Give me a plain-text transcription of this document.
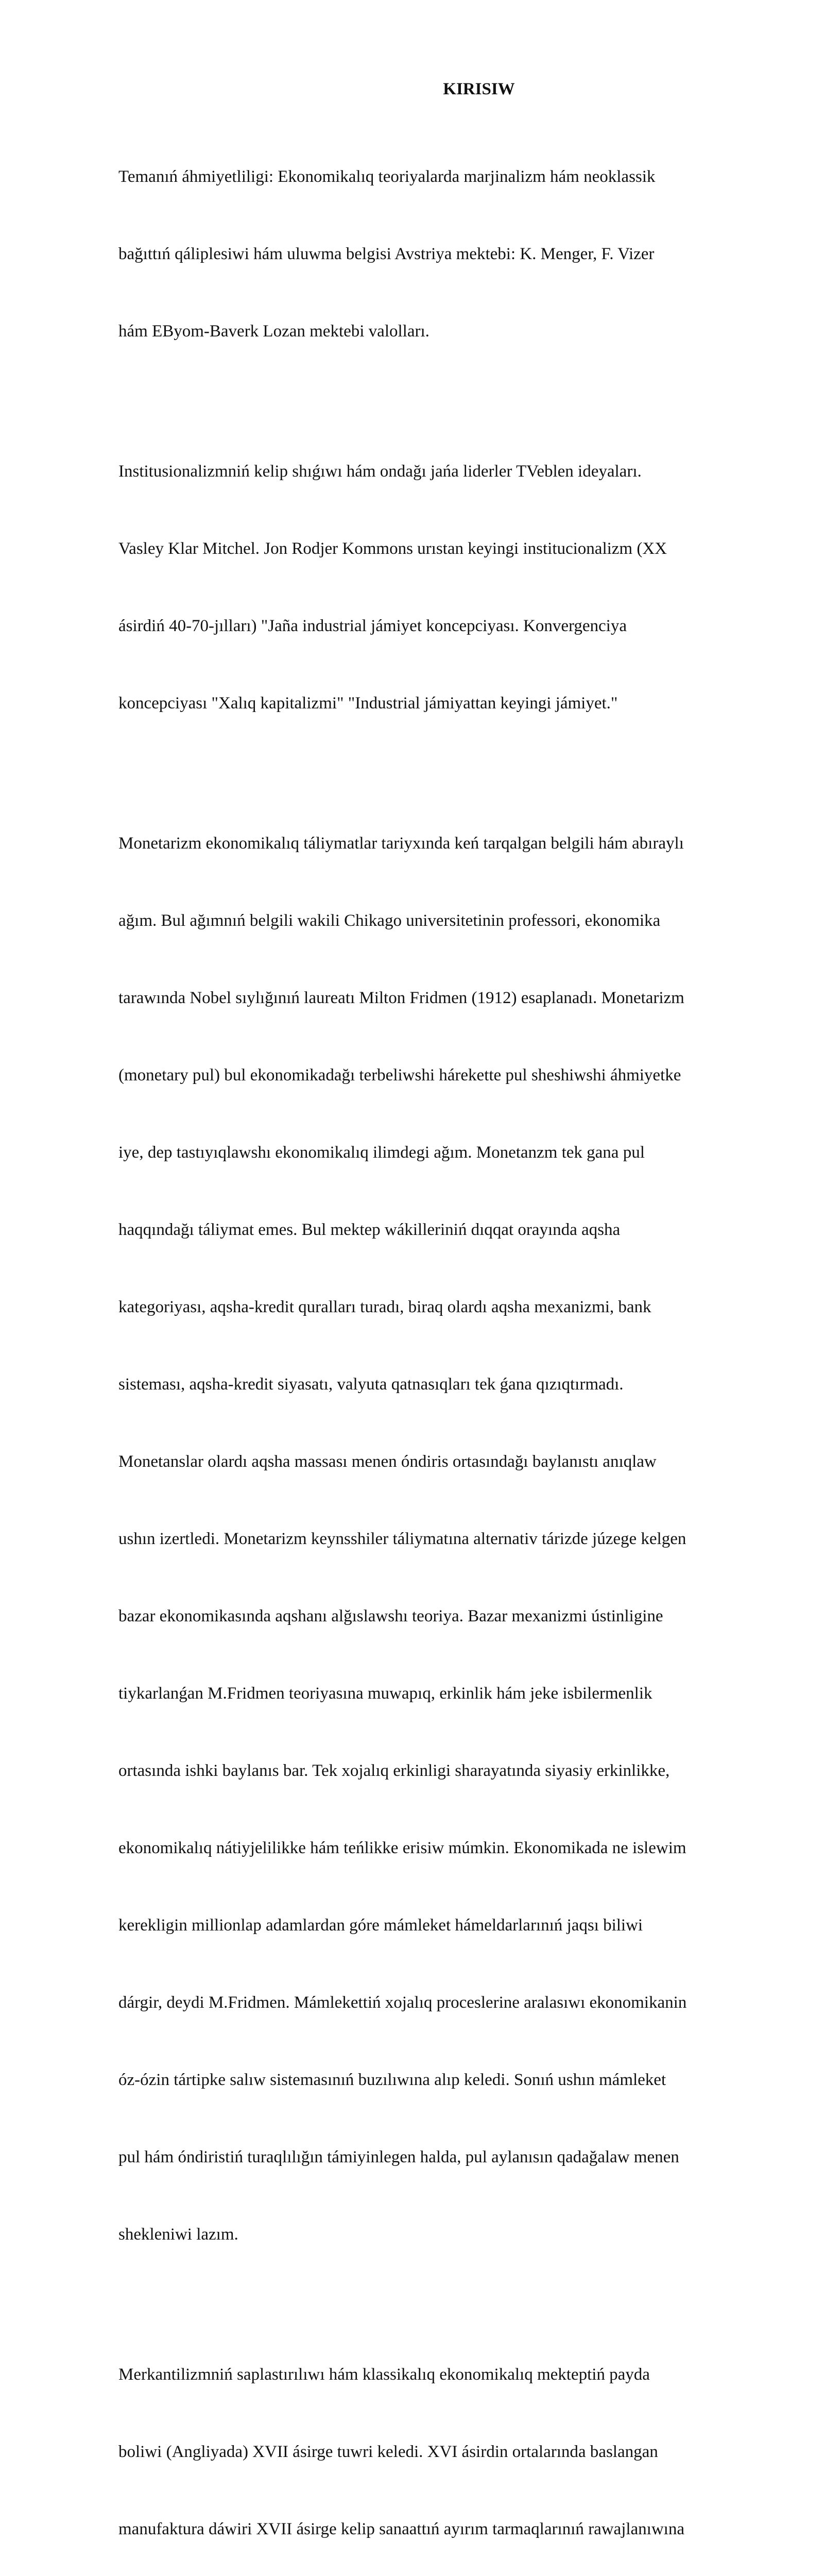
KIRISIW

Temanıń áhmiyetliligi: Ekonomikalıq teoriyalarda marjinalizm hám neoklassik

bağıttıń qáliplesiwi hám uluwma belgisi Avstriya mektebi: K. Menger, F. Vizer

hám EByom-Baverk Lozan mektebi valolları.

Institusionalizmniń kelip shıǵıwı hám ondağı jańa liderler TVeblen ideyaları.

Vasley Klar Mitchel. Jon Rodjer Kommons urıstan keyingi institucionalizm (XX

ásirdiń 40-70-jılları) "Jaña industrial jámiyet koncepciyası. Konvergenciya

koncepciyası "Xalıq kapitalizmi" "Industrial jámiyattan keyingi jámiyet."

Monetarizm ekonomikalıq táliymatlar tariyxında keń tarqalgan belgili hám abıraylı

ağım. Bul ağımnıń belgili wakili Chikago universitetinin professori, ekonomika

tarawında Nobel sıylığınıń laureatı Milton Fridmen (1912) esaplanadı. Monetarizm

(monetary pul) bul ekonomikadağı terbeliwshi hárekette pul sheshiwshi áhmiyetke

iye, dep tastıyıqlawshı ekonomikalıq ilimdegi ağım. Monetanzm tek gana pul

haqqındağı táliymat emes. Bul mektep wákilleriniń dıqqat orayında aqsha

kategoriyası, aqsha-kredit quralları turadı, biraq olardı aqsha mexanizmi, bank

sisteması, aqsha-kredit siyasatı, valyuta qatnasıqları tek ǵana qızıqtırmadı.

Monetanslar olardı aqsha massası menen óndiris ortasındağı baylanıstı anıqlaw

ushın izertledi. Monetarizm keynsshiler táliymatına alternativ tárizde júzege kelgen

bazar ekonomikasında aqshanı alğıslawshı teoriya. Bazar mexanizmi ústinligine

tiykarlanǵan M.Fridmen teoriyasına muwapıq, erkinlik hám jeke isbilermenlik

ortasında ishki baylanıs bar. Tek xojalıq erkinligi sharayatında siyasiy erkinlikke,

ekonomikalıq nátiyjelilikke hám teńlikke erisiw múmkin. Ekonomikada ne islewim

kerekligin millionlap adamlardan góre mámleket hámeldarlarınıń jaqsı biliwi

dárgir, deydi M.Fridmen. Mámlekettiń xojalıq proceslerine aralasıwı ekonomikanin

óz-ózin tártipke salıw sistemasınıń buzılıwına alıp keledi. Sonıń ushın mámleket

pul hám óndiristiń turaqlılığın támiyinlegen halda, pul aylanısın qadağalaw menen

shekleniwi lazım.

Merkantilizmniń saplastırılıwı hám klassikalıq ekonomikalıq mekteptiń payda

boliwi (Angliyada) XVII ásirge tuwri keledi. XVI ásirdin ortalarında baslangan

manufaktura dáwiri XVII ásirge kelip sanaattıń ayırım tarmaqlarınıń rawajlanıwına
